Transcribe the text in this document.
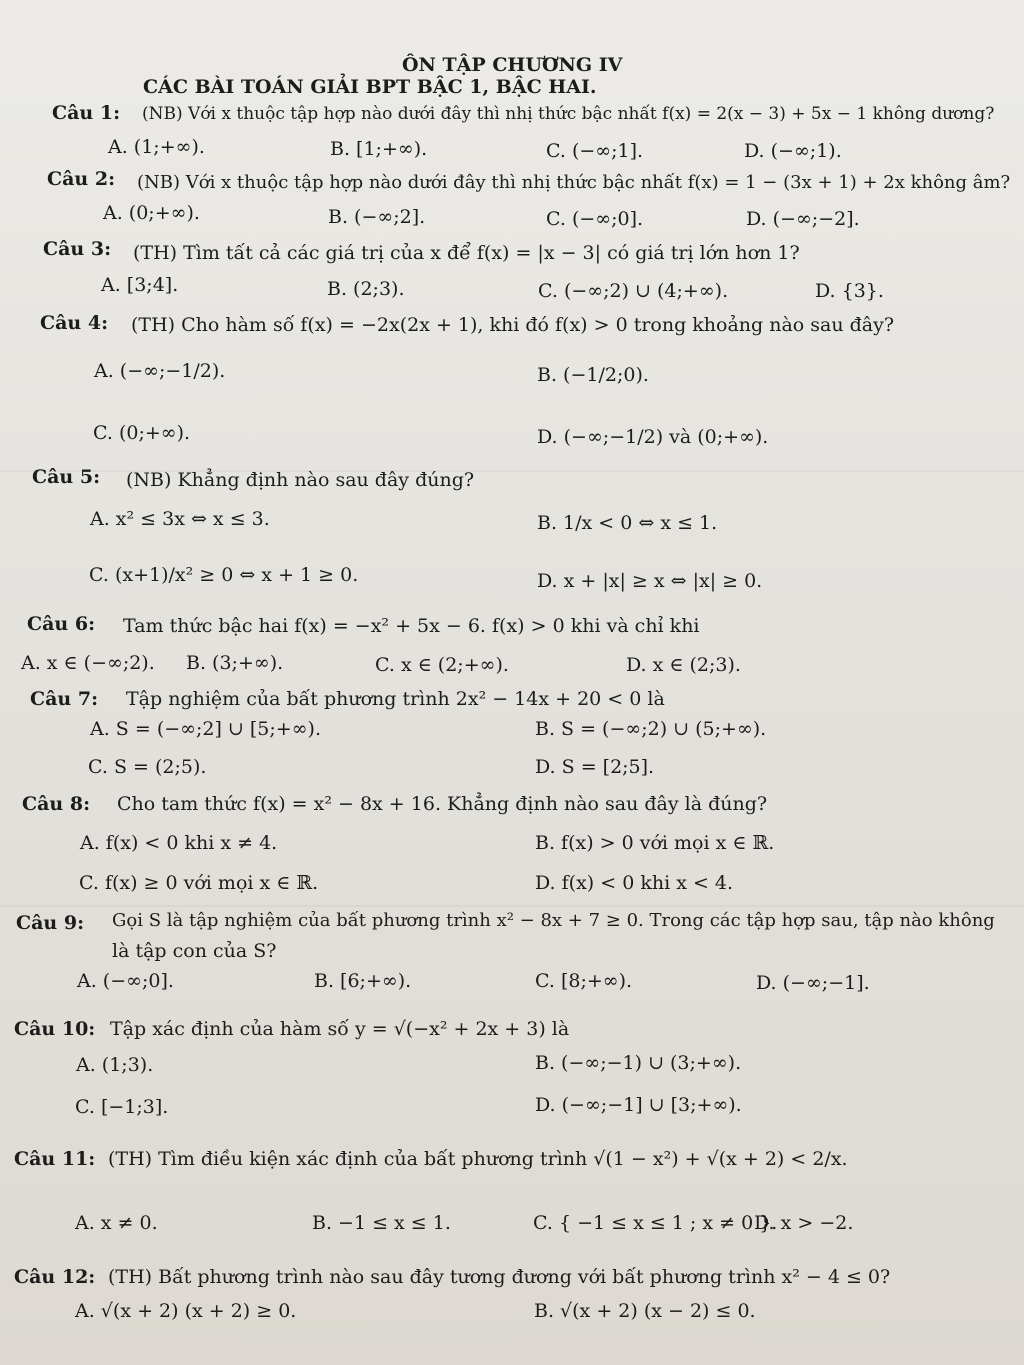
ÔN TẬP CHƯƠNG IV
CÁC BÀI TOÁN GIẢI BPT BẬC 1, BẬC HAI.
Câu 1: (NB) Với x thuộc tập hợp nào dưới đây thì nhị thức bậc nhất f(x) = 2(x − 3) + 5x − 1 không dương?
A. (1;+∞).	B. [1;+∞).	C. (−∞;1].	D. (−∞;1).
Câu 2: (NB) Với x thuộc tập hợp nào dưới đây thì nhị thức bậc nhất f(x) = 1 − (3x + 1) + 2x không âm?
A. (0;+∞).	B. (−∞;2].	C. (−∞;0].	D. (−∞;−2].
Câu 3: (TH) Tìm tất cả các giá trị của x để f(x) = |x − 3| có giá trị lớn hơn 1?
A. [3;4].	B. (2;3).	C. (−∞;2) ∪ (4;+∞).	D. {3}.
Câu 4: (TH) Cho hàm số f(x) = −2x(2x + 1), khi đó f(x) > 0 trong khoảng nào sau đây?
A. (−∞;−1/2).	B. (−1/2;0).
C. (0;+∞).	D. (−∞;−1/2) và (0;+∞).
Câu 5: (NB) Khẳng định nào sau đây đúng?
A. x² ≤ 3x ⇔ x ≤ 3.	B. 1/x < 0 ⇔ x ≤ 1.
C. (x+1)/x² ≥ 0 ⇔ x + 1 ≥ 0.	D. x + |x| ≥ x ⇔ |x| ≥ 0.
Câu 6: Tam thức bậc hai f(x) = −x² + 5x − 6. f(x) > 0 khi và chỉ khi
A. x ∈ (−∞;2). B. (3;+∞).	C. x ∈ (2;+∞).	D. x ∈ (2;3).
Câu 7: Tập nghiệm của bất phương trình 2x² − 14x + 20 < 0 là
A. S = (−∞;2] ∪ [5;+∞).	B. S = (−∞;2) ∪ (5;+∞).
C. S = (2;5).	D. S = [2;5].
Câu 8: Cho tam thức f(x) = x² − 8x + 16. Khẳng định nào sau đây là đúng?
A. f(x) < 0 khi x ≠ 4.	B. f(x) > 0 với mọi x ∈ ℝ.
C. f(x) ≥ 0 với mọi x ∈ ℝ.	D. f(x) < 0 khi x < 4.
Câu 9: Gọi S là tập nghiệm của bất phương trình x² − 8x + 7 ≥ 0. Trong các tập hợp sau, tập nào không
là tập con của S?
A. (−∞;0].	B. [6;+∞).	C. [8;+∞).	D. (−∞;−1].
Câu 10: Tập xác định của hàm số y = √(−x² + 2x + 3) là
A. (1;3).	B. (−∞;−1) ∪ (3;+∞).
C. [−1;3].	D. (−∞;−1] ∪ [3;+∞).
Câu 11: (TH) Tìm điều kiện xác định của bất phương trình √(1 − x²) + √(x + 2) < 2/x.
A. x ≠ 0.	B. −1 ≤ x ≤ 1.	C. { −1 ≤ x ≤ 1 ; x ≠ 0 }.
D. x > −2.
Câu 12: (TH) Bất phương trình nào sau đây tương đương với bất phương trình x² − 4 ≤ 0?
A. √(x + 2) (x + 2) ≥ 0.	B. √(x + 2) (x − 2) ≤ 0.
